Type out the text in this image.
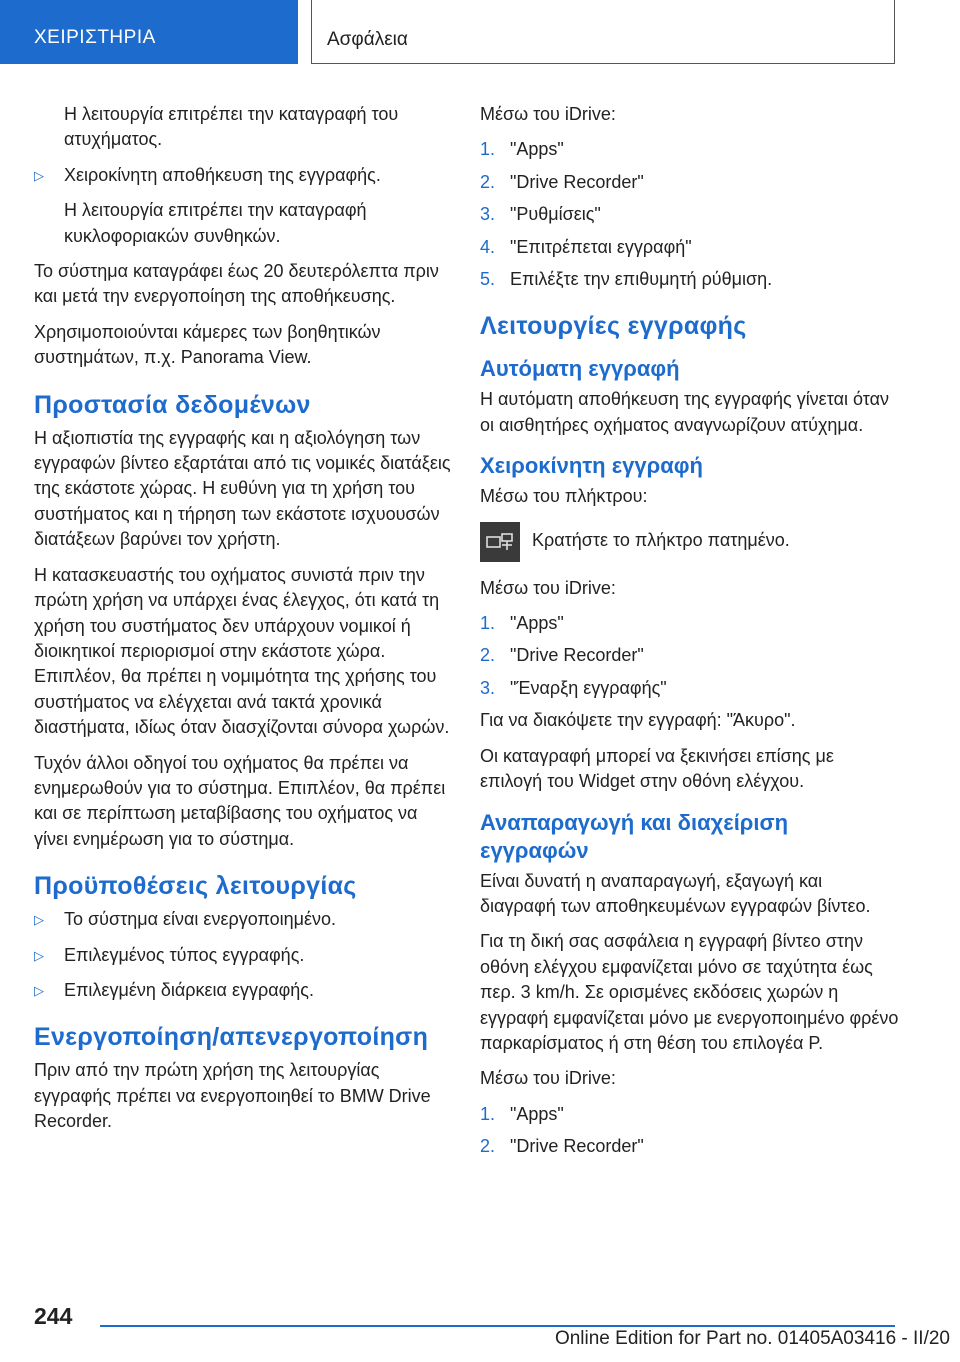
ΧΕΙΡΙΣΤΗΡΙΑ	Ασφάλεια

Η λειτουργία επιτρέπει την καταγραφή του ατυχήματος.

▷ Χειροκίνητη αποθήκευση της εγγραφής.

Η λειτουργία επιτρέπει την καταγραφή κυκλοφοριακών συνθηκών.

Το σύστημα καταγράφει έως 20 δευτερόλεπτα πριν και μετά την ενεργοποίηση της αποθήκευσης.

Χρησιμοποιούνται κάμερες των βοηθητικών συστημάτων, π.χ. Panorama View.

Προστασία δεδομένων

Η αξιοπιστία της εγγραφής και η αξιολόγηση των εγγραφών βίντεο εξαρτάται από τις νομικές διατάξεις της εκάστοτε χώρας. Η ευθύνη για τη χρήση του συστήματος και η τήρηση των εκάστοτε ισχυουσών διατάξεων βαρύνει τον χρήστη.

Η κατασκευαστής του οχήματος συνιστά πριν την πρώτη χρήση να υπάρχει ένας έλεγχος, ότι κατά τη χρήση του συστήματος δεν υπάρχουν νομικοί ή διοικητικοί περιορισμοί στην εκάστοτε χώρα. Επιπλέον, θα πρέπει η νομιμότητα της χρήσης του συστήματος να ελέγχεται ανά τακτά χρονικά διαστήματα, ιδίως όταν διασχίζονται σύνορα χωρών.

Τυχόν άλλοι οδηγοί του οχήματος θα πρέπει να ενημερωθούν για το σύστημα. Επιπλέον, θα πρέπει και σε περίπτωση μεταβίβασης του οχήματος να γίνει ενημέρωση για το σύστημα.

Προϋποθέσεις λειτουργίας
▷ Το σύστημα είναι ενεργοποιημένο.
▷ Επιλεγμένος τύπος εγγραφής.
▷ Επιλεγμένη διάρκεια εγγραφής.
Ενεργοποίηση/απενεργοποίηση

Πριν από την πρώτη χρήση της λειτουργίας εγγραφής πρέπει να ενεργοποιηθεί το BMW Drive Recorder.

Μέσω του iDrive:

1. "Apps"
2. "Drive Recorder"
3. "Ρυθμίσεις"
4. "Επιτρέπεται εγγραφή"
5. Επιλέξτε την επιθυμητή ρύθμιση.
Λειτουργίες εγγραφής
Αυτόματη εγγραφή

Η αυτόματη αποθήκευση της εγγραφής γίνεται όταν οι αισθητήρες οχήματος αναγνωρίζουν ατύχημα.

Χειροκίνητη εγγραφή

Μέσω του πλήκτρου:

Κρατήστε το πλήκτρο πατημένο.

Μέσω του iDrive:

1. "Apps"
2. "Drive Recorder"
3. "Έναρξη εγγραφής"

Για να διακόψετε την εγγραφή: "Άκυρο".

Οι καταγραφή μπορεί να ξεκινήσει επίσης με επιλογή του Widget στην οθόνη ελέγχου.

Αναπαραγωγή και διαχείριση εγγραφών

Είναι δυνατή η αναπαραγωγή, εξαγωγή και διαγραφή των αποθηκευμένων εγγραφών βίντεο.

Για τη δική σας ασφάλεια η εγγραφή βίντεο στην οθόνη ελέγχου εμφανίζεται μόνο σε ταχύτητα έως περ. 3 km/h. Σε ορισμένες εκδόσεις χωρών η εγγραφή εμφανίζεται μόνο με ενεργοποιημένο φρένο παρκαρίσματος ή στη θέση του επιλογέα P.

Μέσω του iDrive:

1. "Apps"
2. "Drive Recorder"
244
Online Edition for Part no. 01405A03416 - II/20
